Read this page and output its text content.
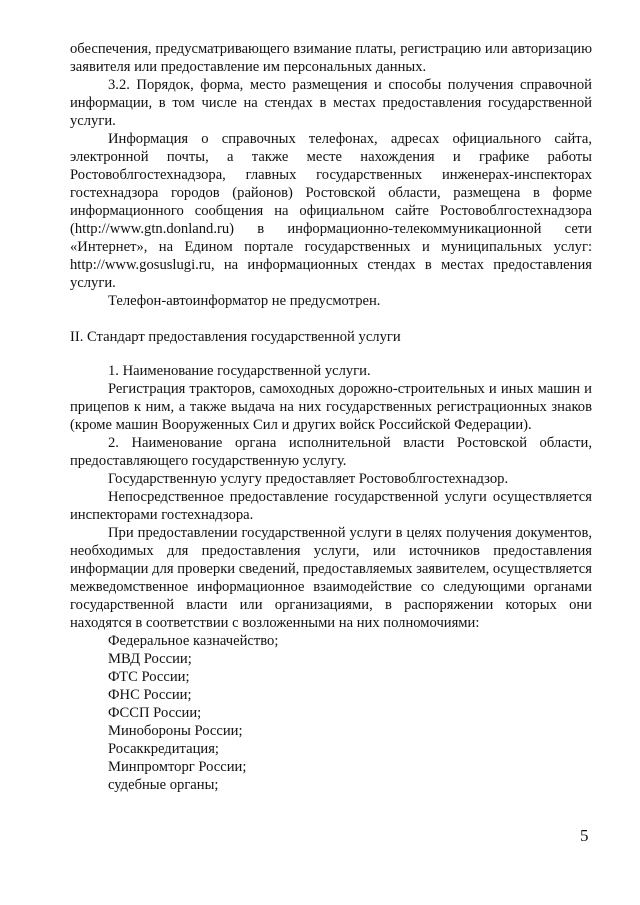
обеспечения, предусматривающего взимание платы, регистрацию или авторизацию заявителя или предоставление им персональных данных.

3.2. Порядок, форма, место размещения и способы получения справочной информации, в том числе на стендах в местах предоставления государственной услуги.

Информация о справочных телефонах, адресах официального сайта, электронной почты, а также месте нахождения и графике работы Ростовоблгостехнадзора, главных государственных инженерах-инспекторах гостехнадзора городов (районов) Ростовской области, размещена в форме информационного сообщения на официальном сайте Ростовоблгостехнадзора (http://www.gtn.donland.ru) в информационно-телекоммуникационной сети «Интернет», на Едином портале государственных и муниципальных услуг: http://www.gosuslugi.ru, на информационных стендах в местах предоставления услуги.

Телефон-автоинформатор не предусмотрен.

II. Стандарт предоставления государственной услуги

1. Наименование государственной услуги.

Регистрация тракторов, самоходных дорожно-строительных и иных машин и прицепов к ним, а также выдача на них государственных регистрационных знаков (кроме машин Вооруженных Сил и других войск Российской Федерации).

2. Наименование органа исполнительной власти Ростовской области, предоставляющего государственную услугу.

Государственную услугу предоставляет Ростовоблгостехнадзор.

Непосредственное предоставление государственной услуги осуществляется инспекторами гостехнадзора.

При предоставлении государственной услуги в целях получения документов, необходимых для предоставления услуги, или источников предоставления информации для проверки сведений, предоставляемых заявителем, осуществляется межведомственное информационное взаимодействие со следующими органами государственной власти или организациями, в распоряжении которых они находятся в соответствии с возложенными на них полномочиями:

Федеральное казначейство;
МВД России;
ФТС России;
ФНС России;
ФССП России;
Минобороны России;
Росаккредитация;
Минпромторг России;
судебные органы;
5
